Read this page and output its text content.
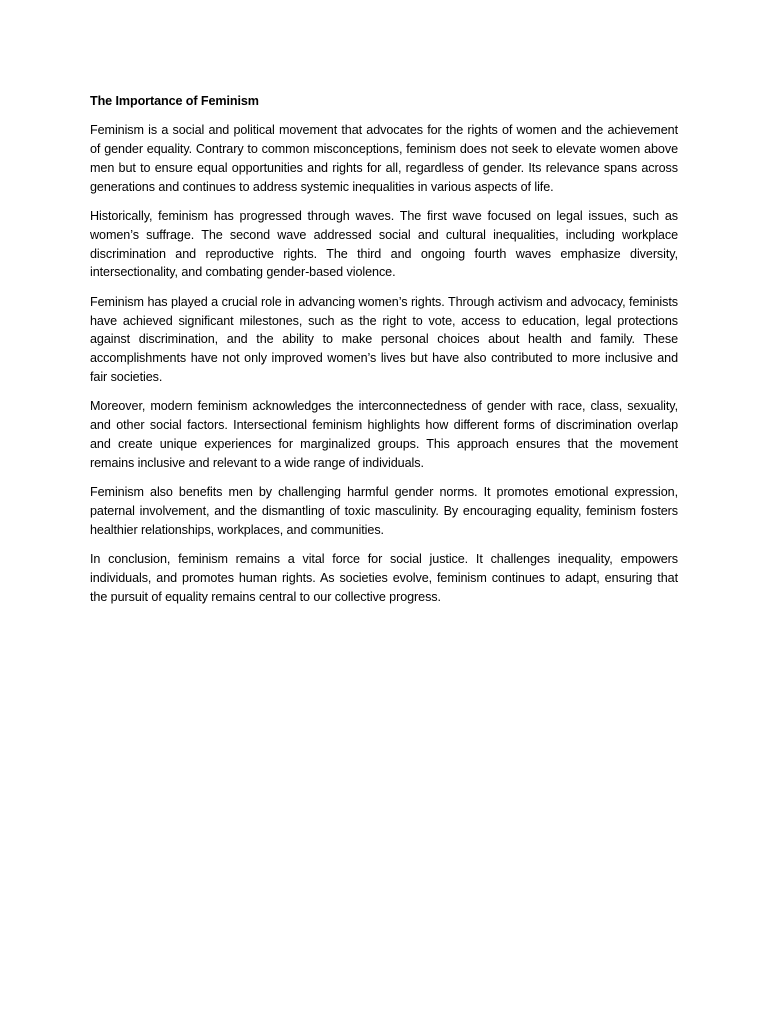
The Importance of Feminism

Feminism is a social and political movement that advocates for the rights of women and the achievement of gender equality. Contrary to common misconceptions, feminism does not seek to elevate women above men but to ensure equal opportunities and rights for all, regardless of gender. Its relevance spans across generations and continues to address systemic inequalities in various aspects of life.

Historically, feminism has progressed through waves. The first wave focused on legal issues, such as women’s suffrage. The second wave addressed social and cultural inequalities, including workplace discrimination and reproductive rights. The third and ongoing fourth waves emphasize diversity, intersectionality, and combating gender-based violence.

Feminism has played a crucial role in advancing women’s rights. Through activism and advocacy, feminists have achieved significant milestones, such as the right to vote, access to education, legal protections against discrimination, and the ability to make personal choices about health and family. These accomplishments have not only improved women’s lives but have also contributed to more inclusive and fair societies.

Moreover, modern feminism acknowledges the interconnectedness of gender with race, class, sexuality, and other social factors. Intersectional feminism highlights how different forms of discrimination overlap and create unique experiences for marginalized groups. This approach ensures that the movement remains inclusive and relevant to a wide range of individuals.

Feminism also benefits men by challenging harmful gender norms. It promotes emotional expression, paternal involvement, and the dismantling of toxic masculinity. By encouraging equality, feminism fosters healthier relationships, workplaces, and communities.

In conclusion, feminism remains a vital force for social justice. It challenges inequality, empowers individuals, and promotes human rights. As societies evolve, feminism continues to adapt, ensuring that the pursuit of equality remains central to our collective progress.
